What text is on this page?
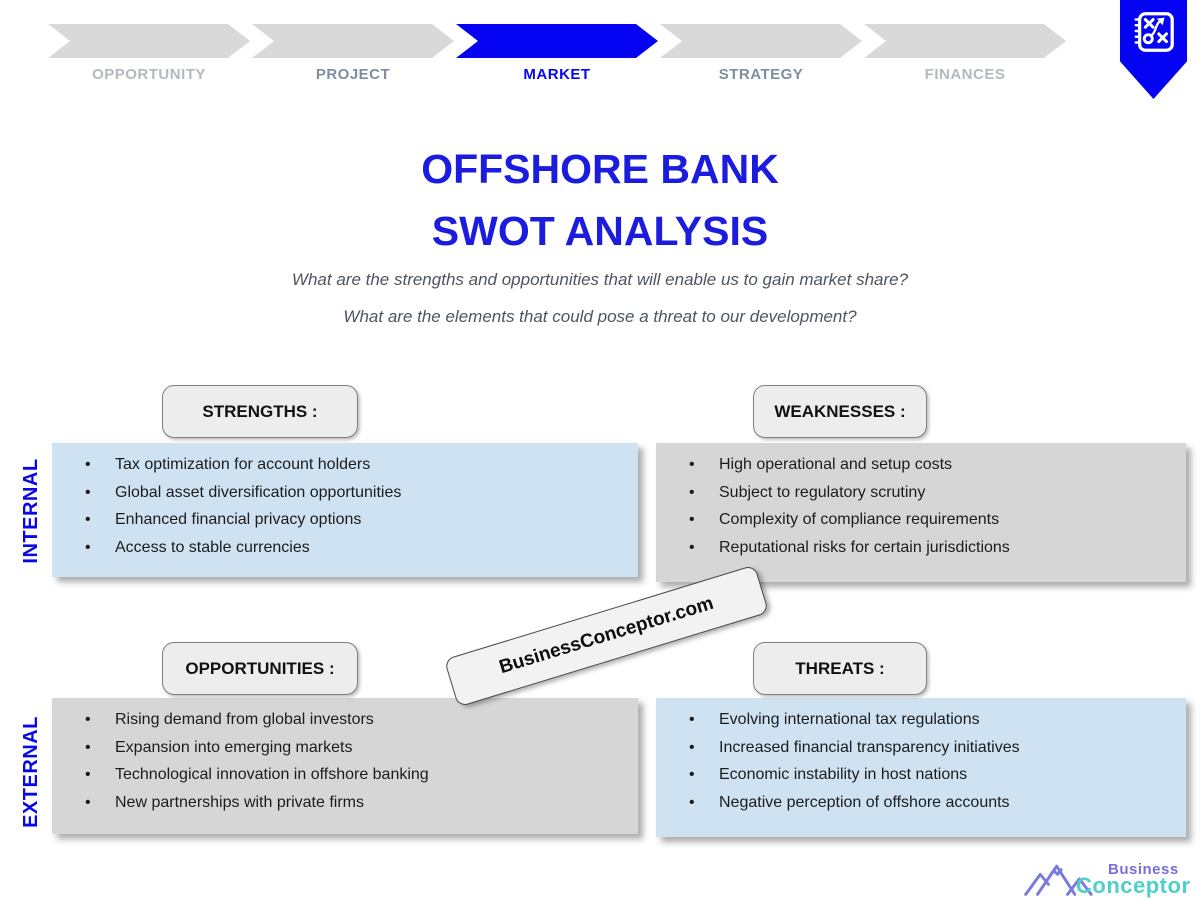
OPPORTUNITY	PROJECT	MARKET	STRATEGY	FINANCES
OFFSHORE BANK
SWOT ANALYSIS
What are the strengths and opportunities that will enable us to gain market share?
What are the elements that could pose a threat to our development?
STRENGTHS :	WEAKNESSES :
OPPORTUNITIES :	THREATS :
• Tax optimization for account holders
• Global asset diversification opportunities
• Enhanced financial privacy options
• Access to stable currencies
• High operational and setup costs
• Subject to regulatory scrutiny
• Complexity of compliance requirements
• Reputational risks for certain jurisdictions
• Rising demand from global investors
• Expansion into emerging markets
• Technological innovation in offshore banking
• New partnerships with private firms
• Evolving international tax regulations
• Increased financial transparency initiatives
• Economic instability in host nations
• Negative perception of offshore accounts
INTERNAL
EXTERNAL
BusinessConceptor.com
Business
Conceptor
